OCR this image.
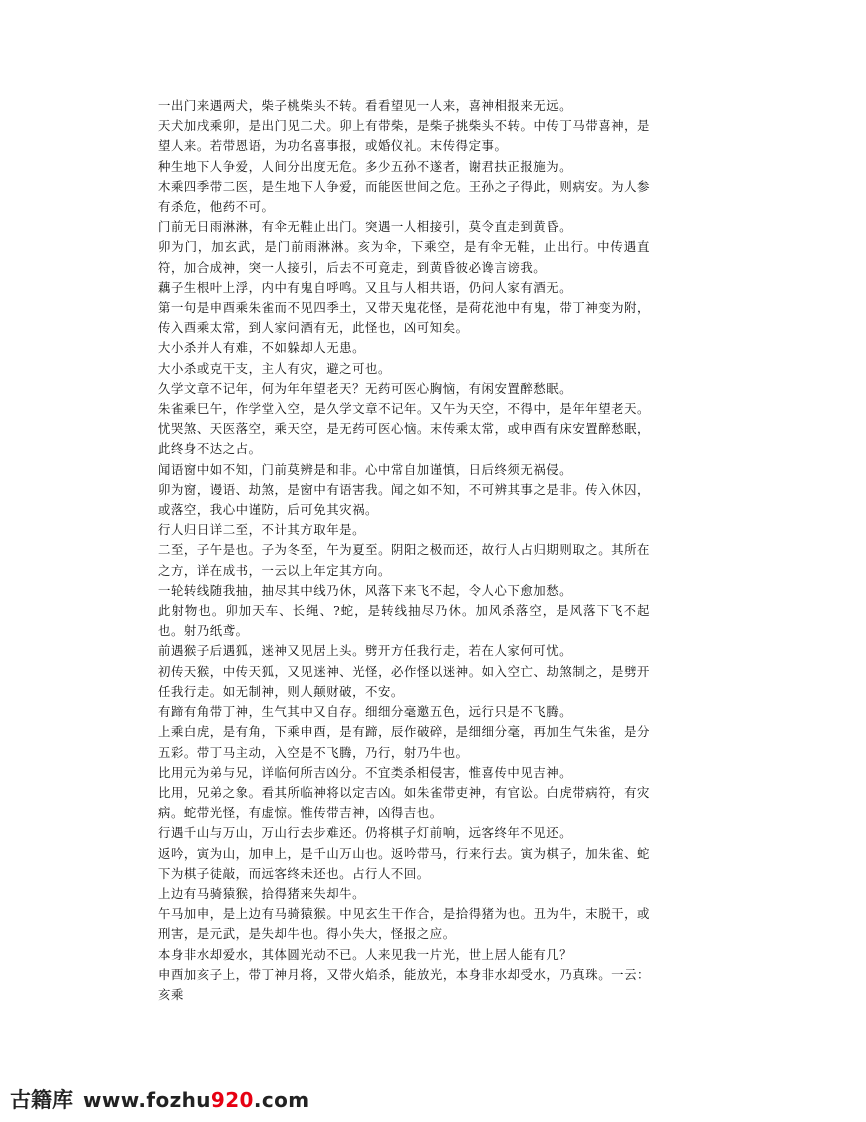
一出门来遇两犬，柴子桃柴头不转。看看望见一人来，喜神相报来无远。

天犬加戌乘卯，是出门见二犬。卯上有带柴，是柴子挑柴头不转。中传丁马带喜神，是望人来。若带恩语，为功名喜事报，或婚仪礼。末传得定事。

种生地下人争爱，人间分出度无危。多少五孙不遂者，谢君扶正报施为。

木乘四季带二医，是生地下人争爱，而能医世间之危。王孙之子得此，则病安。为人参有杀危，他药不可。

门前无日雨淋淋，有伞无鞋止出门。突遇一人相接引，莫令直走到黄昏。

卯为门，加玄武，是门前雨淋淋。亥为伞，下乘空，是有伞无鞋，止出行。中传遇直符，加合成神，突一人接引，后去不可竟走，到黄昏彼必谗言谤我。

藕子生根叶上浮，内中有鬼自呼鸣。又且与人相共语，仍问人家有酒无。

第一句是申酉乘朱雀而不见四季土，又带天鬼花怪，是荷花池中有鬼，带丁神变为附，传入酉乘太常，到人家问酒有无，此怪也，凶可知矣。

大小杀并人有难，不如躲却人无患。

大小杀或克干支，主人有灾，避之可也。

久学文章不记年，何为年年望老天？无药可医心胸恼，有闲安置醉愁眠。

朱雀乘巳午，作学堂入空，是久学文章不记年。又午为天空，不得中，是年年望老天。忧哭煞、天医落空，乘天空，是无药可医心恼。末传乘太常，或申酉有床安置醉愁眠，此终身不达之占。

闻语窗中如不知，门前莫辨是和非。心中常自加谨慎，日后终须无祸侵。

卯为窗，谩语、劫煞，是窗中有语害我。闻之如不知，不可辨其事之是非。传入休囚，或落空，我心中谨防，后可免其灾祸。

行人归日详二至，不计其方取年是。

二至，子午是也。子为冬至，午为夏至。阴阳之极而还，故行人占归期则取之。其所在之方，详在成书，一云以上年定其方向。

一轮转线随我抽，抽尽其中线乃休，风落下来飞不起，令人心下愈加愁。

此射物也。卯加天车、长绳、?蛇，是转线抽尽乃休。加风杀落空，是风落下飞不起也。射乃纸鸢。

前遇猴子后遇狐，迷神又见居上头。劈开方任我行走，若在人家何可忧。

初传天猴，中传天狐，又见迷神、光怪，必作怪以迷神。如入空亡、劫煞制之，是劈开任我行走。如无制神，则人颠财破，不安。

有蹄有角带丁神，生气其中又自存。细细分毫邀五色，远行只是不飞腾。

上乘白虎，是有角，下乘申酉，是有蹄，辰作破碎，是细细分毫，再加生气朱雀，是分五彩。带丁马主动，入空是不飞腾，乃行，射乃牛也。

比用元为弟与兄，详临何所吉凶分。不宜类杀相侵害，惟喜传中见吉神。

比用，兄弟之象。看其所临神将以定吉凶。如朱雀带吏神，有官讼。白虎带病符，有灾病。蛇带光怪，有虚惊。惟传带吉神，凶得吉也。

行遇千山与万山，万山行去步难还。仍将棋子灯前响，远客终年不见还。

返吟，寅为山，加申上，是千山万山也。返吟带马，行来行去。寅为棋子，加朱雀、蛇下为棋子徒敲，而远客终未还也。占行人不回。

上边有马骑猿猴，拾得猪来失却牛。

午马加申，是上边有马骑猿猴。中见玄生干作合，是拾得猪为也。丑为牛，末脱干，或刑害，是元武，是失却牛也。得小失大，怪报之应。

本身非水却爱水，其体圆光动不已。人来见我一片光，世上居人能有几？

申酉加亥子上，带丁神月将，又带火焰杀，能放光，本身非水却受水，乃真珠。一云：亥乘

古籍库 www.fozhu920.com
